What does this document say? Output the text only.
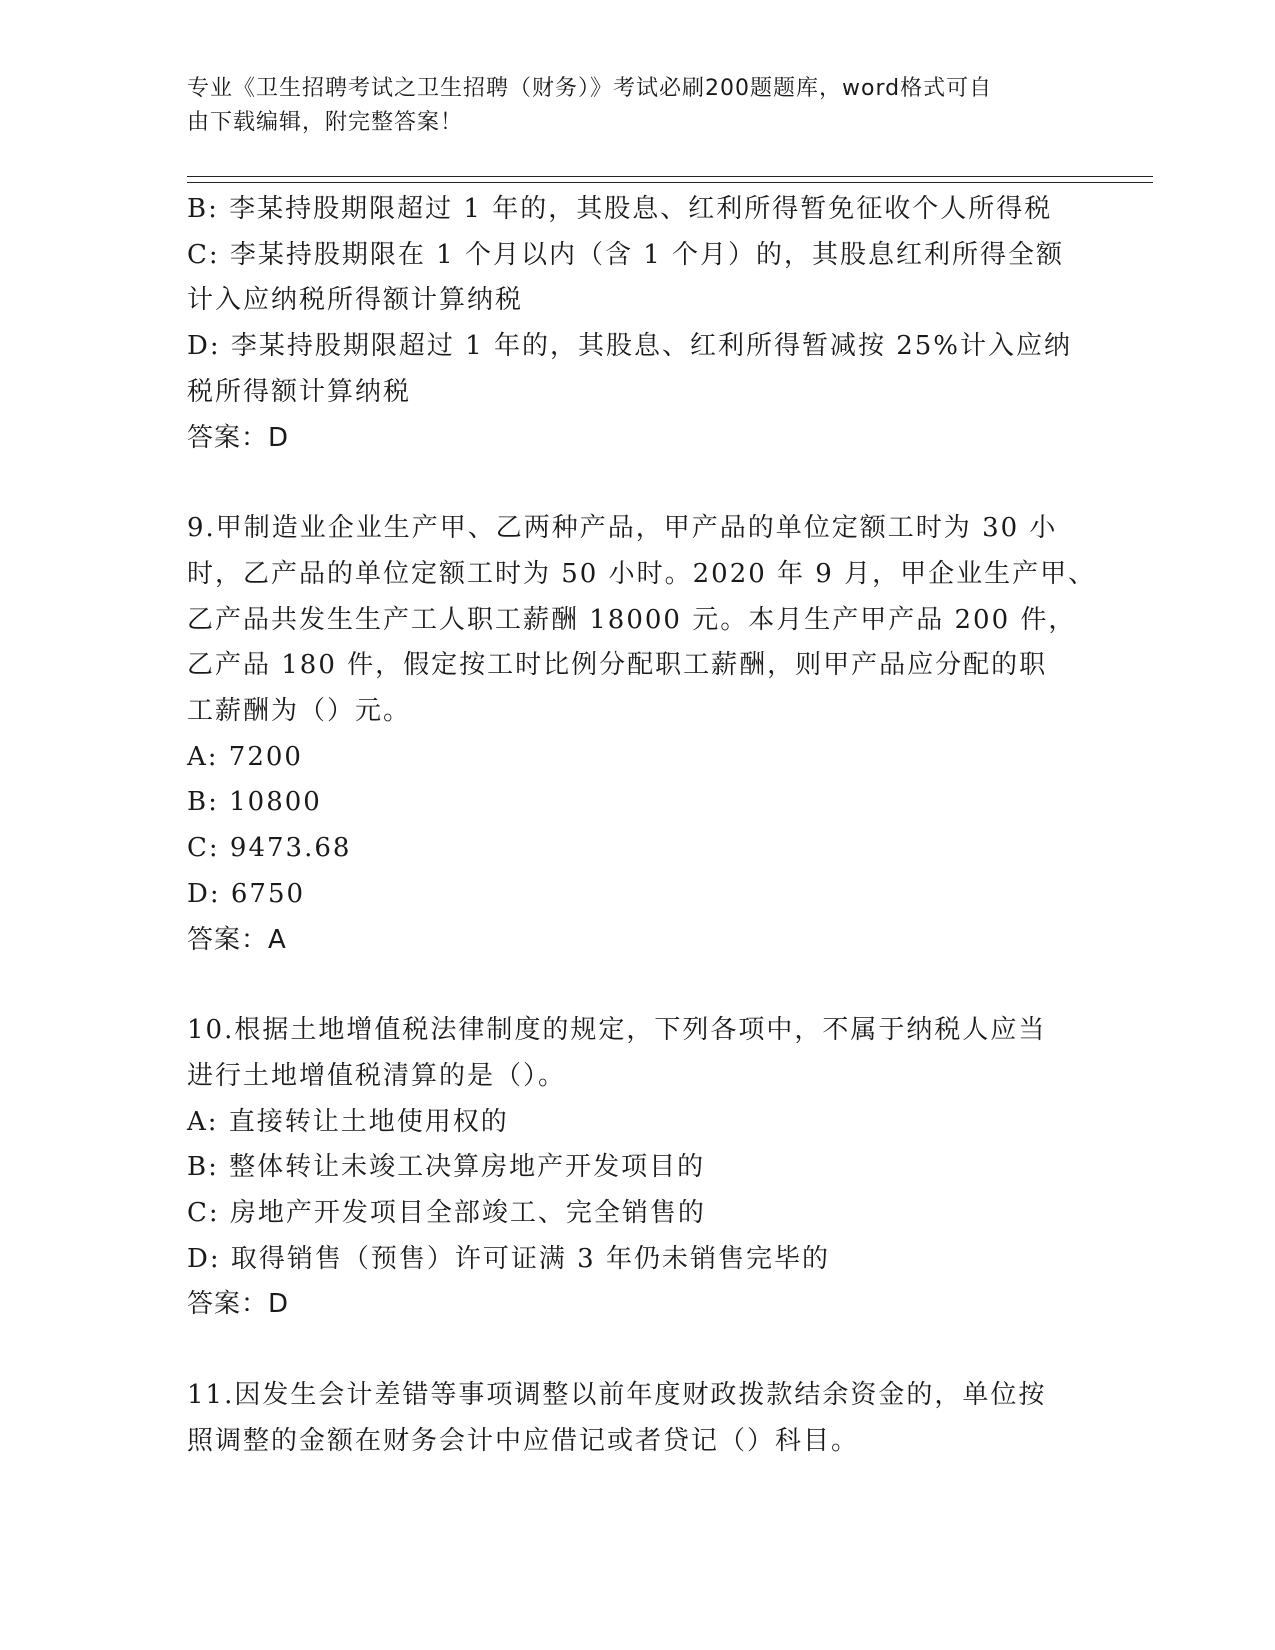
专业《卫生招聘考试之卫生招聘（财务）》考试必刷200题题库，word格式可自
由下载编辑，附完整答案！
B: 李某持股期限超过 1 年的，其股息、红利所得暂免征收个人所得税
C: 李某持股期限在 1 个月以内（含 1 个月）的，其股息红利所得全额
计入应纳税所得额计算纳税
D: 李某持股期限超过 1 年的，其股息、红利所得暂减按 25%计入应纳
税所得额计算纳税
答案：D
9.甲制造业企业生产甲、乙两种产品，甲产品的单位定额工时为 30 小
时，乙产品的单位定额工时为 50 小时。2020 年 9 月，甲企业生产甲、
乙产品共发生生产工人职工薪酬 18000 元。本月生产甲产品 200 件，
乙产品 180 件，假定按工时比例分配职工薪酬，则甲产品应分配的职
工薪酬为（）元。
A: 7200
B: 10800
C: 9473.68
D: 6750
答案：A
10.根据土地增值税法律制度的规定，下列各项中，不属于纳税人应当
进行土地增值税清算的是（）。
A: 直接转让土地使用权的
B: 整体转让未竣工决算房地产开发项目的
C: 房地产开发项目全部竣工、完全销售的
D: 取得销售（预售）许可证满 3 年仍未销售完毕的
答案：D
11.因发生会计差错等事项调整以前年度财政拨款结余资金的，单位按
照调整的金额在财务会计中应借记或者贷记（）科目。
